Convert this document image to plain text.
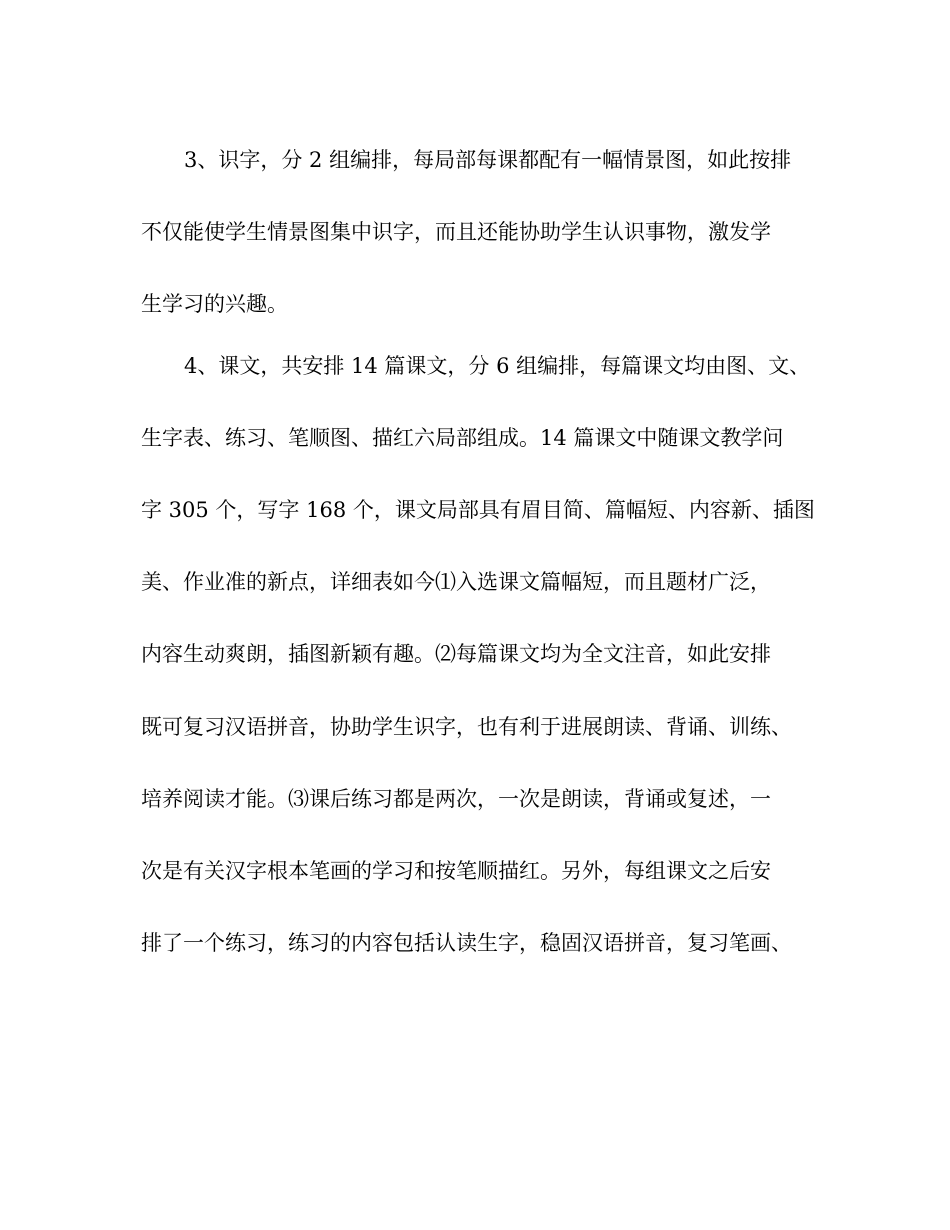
3、识字，分 2 组编排，每局部每课都配有一幅情景图，如此按排
不仅能使学生情景图集中识字，而且还能协助学生认识事物，激发学
生学习的兴趣。
4、课文，共安排 14 篇课文，分 6 组编排，每篇课文均由图、文、
生字表、练习、笔顺图、描红六局部组成。14 篇课文中随课文教学问
字 305 个，写字 168 个，课文局部具有眉目简、篇幅短、内容新、插图
美、作业准的新点，详细表如今⑴入选课文篇幅短，而且题材广泛，
内容生动爽朗，插图新颖有趣。⑵每篇课文均为全文注音，如此安排
既可复习汉语拼音，协助学生识字，也有利于进展朗读、背诵、训练、
培养阅读才能。⑶课后练习都是两次，一次是朗读，背诵或复述，一
次是有关汉字根本笔画的学习和按笔顺描红。另外，每组课文之后安
排了一个练习，练习的内容包括认读生字，稳固汉语拼音，复习笔画、
